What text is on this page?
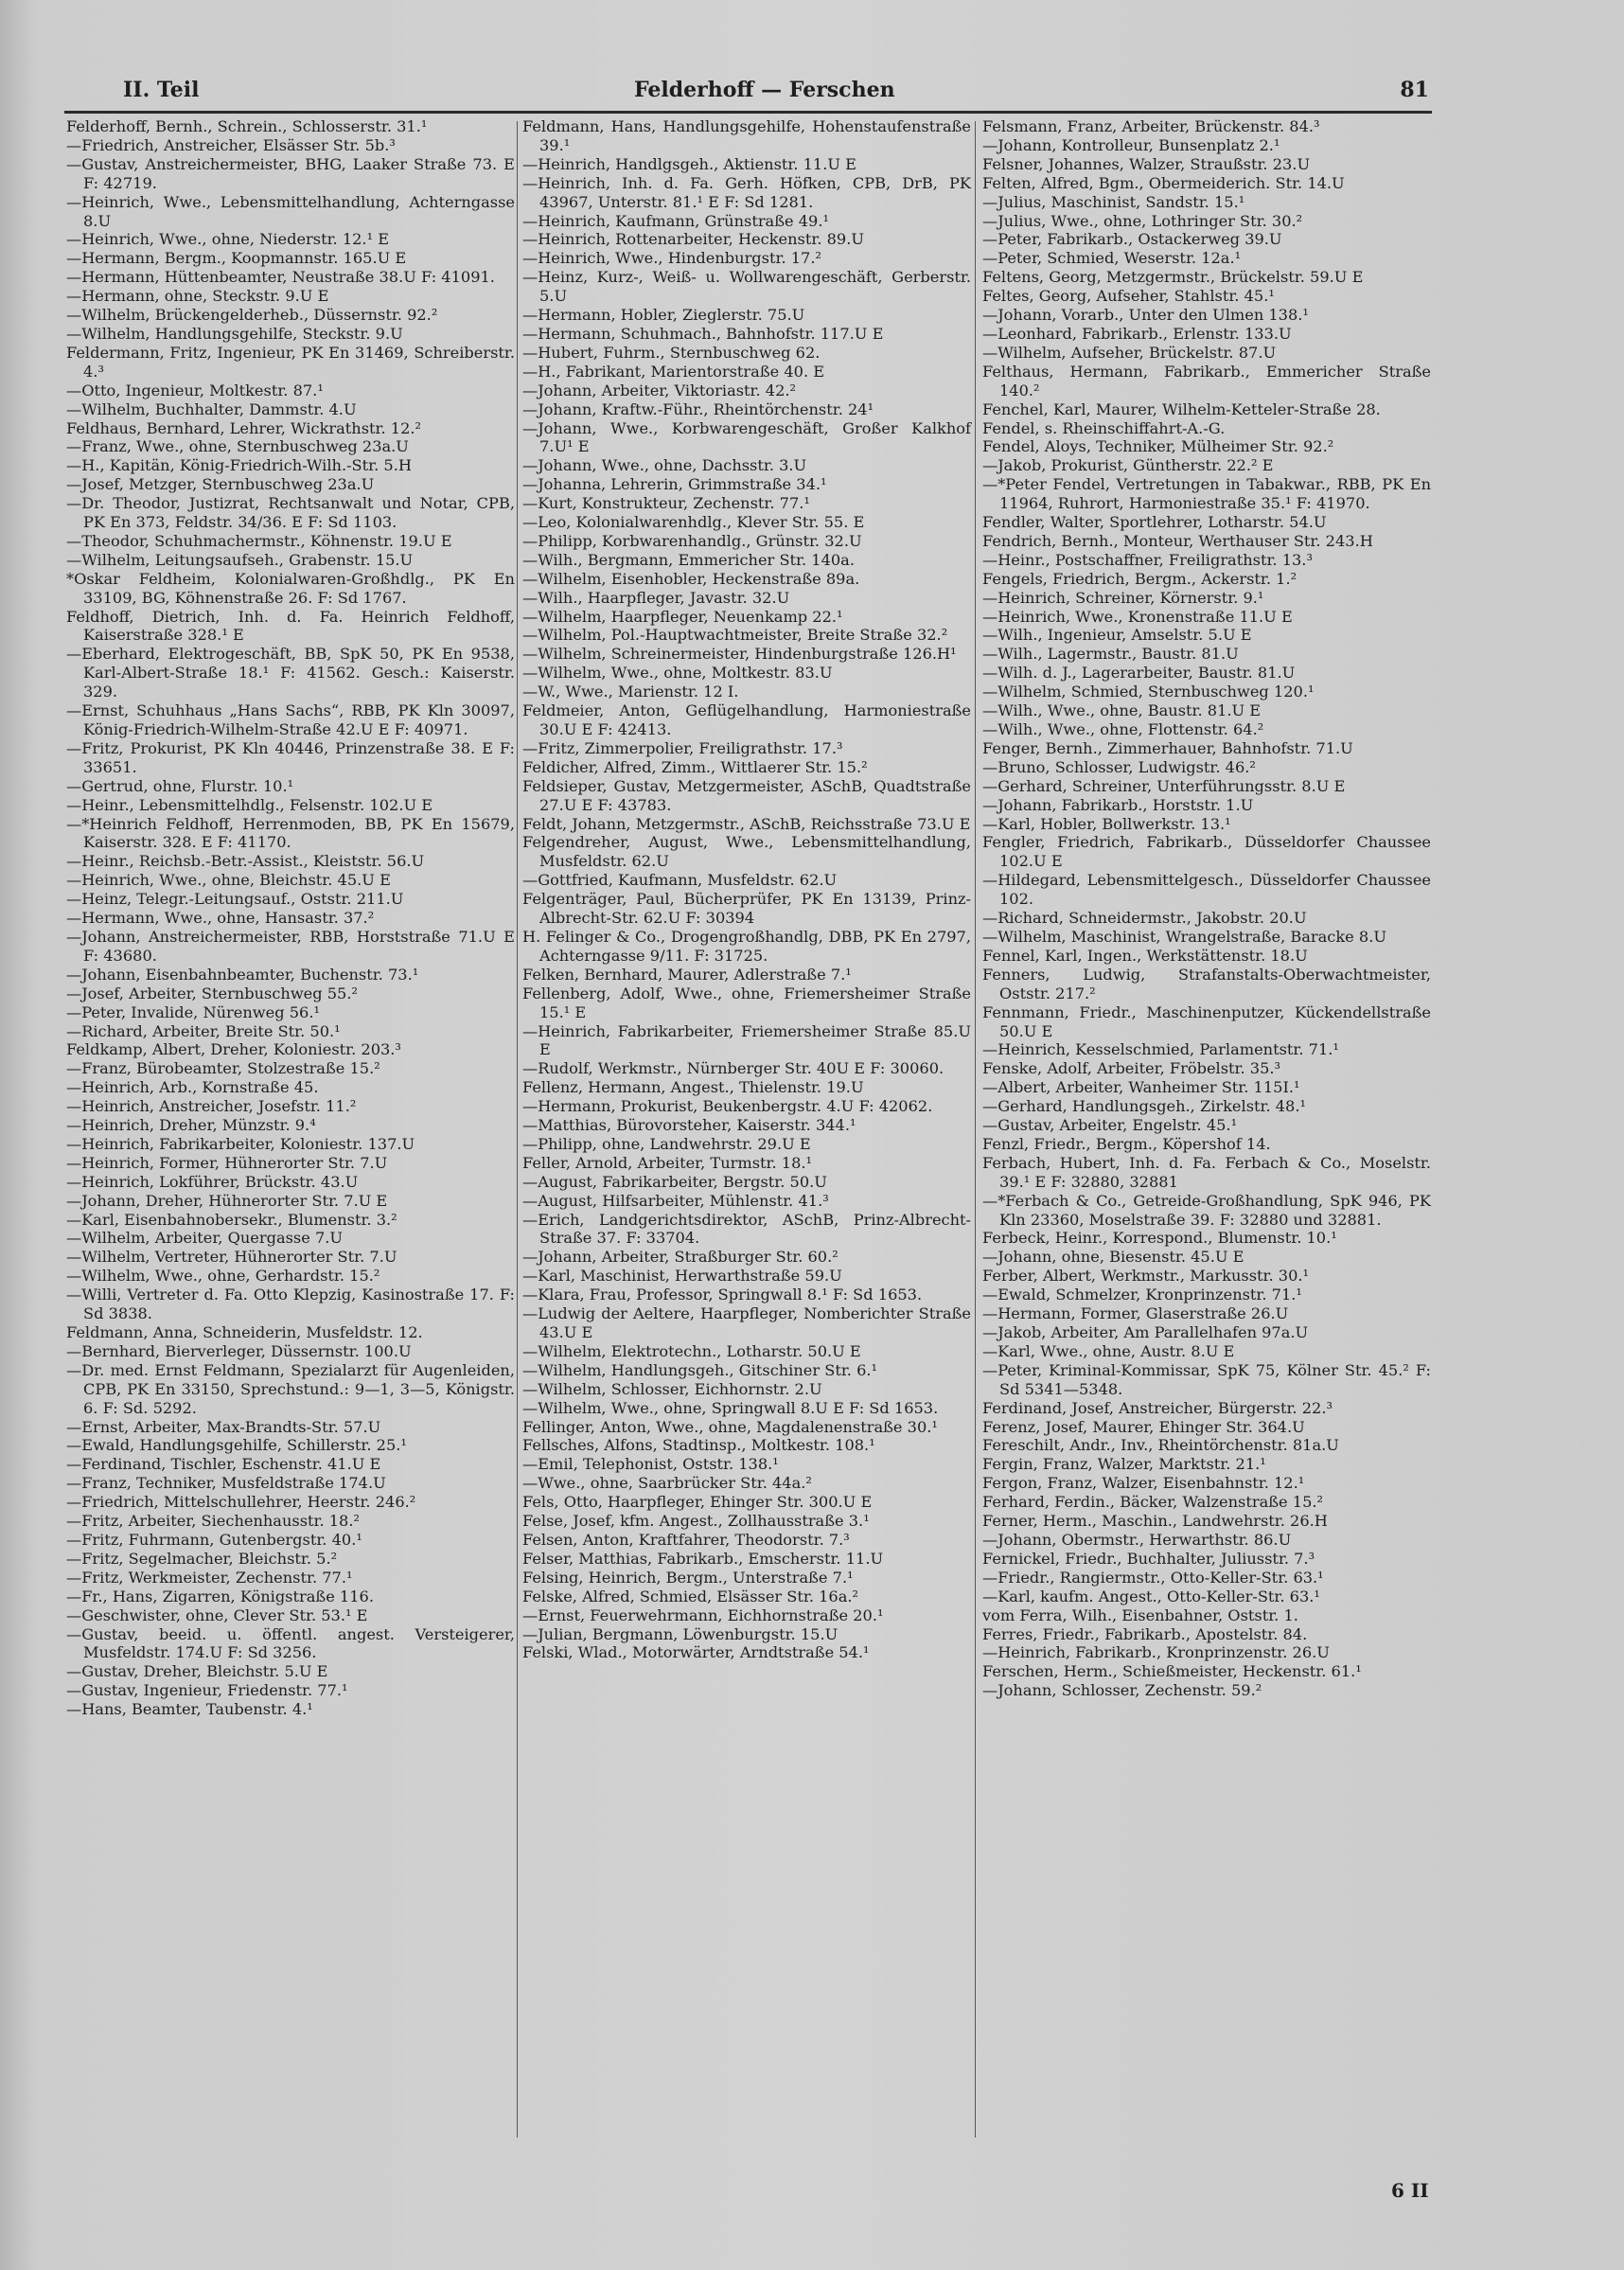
II. Teil	Felderhoff — Ferschen	81

Felderhoff, Bernh., Schrein., Schlosserstr. 31.¹

—Friedrich, Anstreicher, Elsässer Str. 5b.³

—Gustav, Anstreichermeister, BHG, Laaker Straße 73. E F: 42719.

—Heinrich, Wwe., Lebensmittelhandlung, Achterngasse 8.U

—Heinrich, Wwe., ohne, Niederstr. 12.¹ E

—Hermann, Bergm., Koopmannstr. 165.U E

—Hermann, Hüttenbeamter, Neustraße 38.U F: 41091.

—Hermann, ohne, Steckstr. 9.U E

—Wilhelm, Brückengelderheb., Düssernstr. 92.²

—Wilhelm, Handlungsgehilfe, Steckstr. 9.U

Feldermann, Fritz, Ingenieur, PK En 31469, Schreiberstr. 4.³

—Otto, Ingenieur, Moltkestr. 87.¹

—Wilhelm, Buchhalter, Dammstr. 4.U

Feldhaus, Bernhard, Lehrer, Wickrathstr. 12.²

—Franz, Wwe., ohne, Sternbuschweg 23a.U

—H., Kapitän, König-Friedrich-Wilh.-Str. 5.H

—Josef, Metzger, Sternbuschweg 23a.U

—Dr. Theodor, Justizrat, Rechtsanwalt und Notar, CPB, PK En 373, Feldstr. 34/36. E F: Sd 1103.

—Theodor, Schuhmachermstr., Köhnenstr. 19.U E

—Wilhelm, Leitungsaufseh., Grabenstr. 15.U

*Oskar Feldheim, Kolonialwaren-Großhdlg., PK En 33109, BG, Köhnenstraße 26. F: Sd 1767.

Feldhoff, Dietrich, Inh. d. Fa. Heinrich Feldhoff, Kaiserstraße 328.¹ E

—Eberhard, Elektrogeschäft, BB, SpK 50, PK En 9538, Karl-Albert-Straße 18.¹ F: 41562. Gesch.: Kaiserstr. 329.

—Ernst, Schuhhaus „Hans Sachs“, RBB, PK Kln 30097, König-Friedrich-Wilhelm-Straße 42.U E F: 40971.

—Fritz, Prokurist, PK Kln 40446, Prinzenstraße 38. E F: 33651.

—Gertrud, ohne, Flurstr. 10.¹

—Heinr., Lebensmittelhdlg., Felsenstr. 102.U E

—*Heinrich Feldhoff, Herrenmoden, BB, PK En 15679, Kaiserstr. 328. E F: 41170.

—Heinr., Reichsb.-Betr.-Assist., Kleiststr. 56.U

—Heinrich, Wwe., ohne, Bleichstr. 45.U E

—Heinz, Telegr.-Leitungsauf., Oststr. 211.U

—Hermann, Wwe., ohne, Hansastr. 37.²

—Johann, Anstreichermeister, RBB, Horststraße 71.U E F: 43680.

—Johann, Eisenbahnbeamter, Buchenstr. 73.¹

—Josef, Arbeiter, Sternbuschweg 55.²

—Peter, Invalide, Nürenweg 56.¹

—Richard, Arbeiter, Breite Str. 50.¹

Feldkamp, Albert, Dreher, Koloniestr. 203.³

—Franz, Bürobeamter, Stolzestraße 15.²

—Heinrich, Arb., Kornstraße 45.

—Heinrich, Anstreicher, Josefstr. 11.²

—Heinrich, Dreher, Münzstr. 9.⁴

—Heinrich, Fabrikarbeiter, Koloniestr. 137.U

—Heinrich, Former, Hühnerorter Str. 7.U

—Heinrich, Lokführer, Brückstr. 43.U

—Johann, Dreher, Hühnerorter Str. 7.U E

—Karl, Eisenbahnobersekr., Blumenstr. 3.²

—Wilhelm, Arbeiter, Quergasse 7.U

—Wilhelm, Vertreter, Hühnerorter Str. 7.U

—Wilhelm, Wwe., ohne, Gerhardstr. 15.²

—Willi, Vertreter d. Fa. Otto Klepzig, Kasinostraße 17. F: Sd 3838.

Feldmann, Anna, Schneiderin, Musfeldstr. 12.

—Bernhard, Bierverleger, Düssernstr. 100.U

—Dr. med. Ernst Feldmann, Spezialarzt für Augenleiden, CPB, PK En 33150, Sprechstund.: 9—1, 3—5, Königstr. 6. F: Sd. 5292.

—Ernst, Arbeiter, Max-Brandts-Str. 57.U

—Ewald, Handlungsgehilfe, Schillerstr. 25.¹

—Ferdinand, Tischler, Eschenstr. 41.U E

—Franz, Techniker, Musfeldstraße 174.U

—Friedrich, Mittelschullehrer, Heerstr. 246.²

—Fritz, Arbeiter, Siechenhausstr. 18.²

—Fritz, Fuhrmann, Gutenbergstr. 40.¹

—Fritz, Segelmacher, Bleichstr. 5.²

—Fritz, Werkmeister, Zechenstr. 77.¹

—Fr., Hans, Zigarren, Königstraße 116.

—Geschwister, ohne, Clever Str. 53.¹ E

—Gustav, beeid. u. öffentl. angest. Versteigerer, Musfeldstr. 174.U F: Sd 3256.

—Gustav, Dreher, Bleichstr. 5.U E

—Gustav, Ingenieur, Friedenstr. 77.¹

—Hans, Beamter, Taubenstr. 4.¹

Feldmann, Hans, Handlungsgehilfe, Hohenstaufenstraße 39.¹

—Heinrich, Handlgsgeh., Aktienstr. 11.U E

—Heinrich, Inh. d. Fa. Gerh. Höfken, CPB, DrB, PK 43967, Unterstr. 81.¹ E F: Sd 1281.

—Heinrich, Kaufmann, Grünstraße 49.¹

—Heinrich, Rottenarbeiter, Heckenstr. 89.U

—Heinrich, Wwe., Hindenburgstr. 17.²

—Heinz, Kurz-, Weiß- u. Wollwarengeschäft, Gerberstr. 5.U

—Hermann, Hobler, Zieglerstr. 75.U

—Hermann, Schuhmach., Bahnhofstr. 117.U E

—Hubert, Fuhrm., Sternbuschweg 62.

—H., Fabrikant, Marientorstraße 40. E

—Johann, Arbeiter, Viktoriastr. 42.²

—Johann, Kraftw.-Führ., Rheintörchenstr. 24¹

—Johann, Wwe., Korbwarengeschäft, Großer Kalkhof 7.U¹ E

—Johann, Wwe., ohne, Dachsstr. 3.U

—Johanna, Lehrerin, Grimmstraße 34.¹

—Kurt, Konstrukteur, Zechenstr. 77.¹

—Leo, Kolonialwarenhdlg., Klever Str. 55. E

—Philipp, Korbwarenhandlg., Grünstr. 32.U

—Wilh., Bergmann, Emmericher Str. 140a.

—Wilhelm, Eisenhobler, Heckenstraße 89a.

—Wilh., Haarpfleger, Javastr. 32.U

—Wilhelm, Haarpfleger, Neuenkamp 22.¹

—Wilhelm, Pol.-Hauptwachtmeister, Breite Straße 32.²

—Wilhelm, Schreinermeister, Hindenburgstraße 126.H¹

—Wilhelm, Wwe., ohne, Moltkestr. 83.U

—W., Wwe., Marienstr. 12 I.

Feldmeier, Anton, Geflügelhandlung, Harmoniestraße 30.U E F: 42413.

—Fritz, Zimmerpolier, Freiligrathstr. 17.³

Feldicher, Alfred, Zimm., Wittlaerer Str. 15.²

Feldsieper, Gustav, Metzgermeister, ASchB, Quadtstraße 27.U E F: 43783.

Feldt, Johann, Metzgermstr., ASchB, Reichsstraße 73.U E

Felgendreher, August, Wwe., Lebensmittelhandlung, Musfeldstr. 62.U

—Gottfried, Kaufmann, Musfeldstr. 62.U

Felgenträger, Paul, Bücherprüfer, PK En 13139, Prinz-Albrecht-Str. 62.U F: 30394

H. Felinger & Co., Drogengroßhandlg, DBB, PK En 2797, Achterngasse 9/11. F: 31725.

Felken, Bernhard, Maurer, Adlerstraße 7.¹

Fellenberg, Adolf, Wwe., ohne, Friemersheimer Straße 15.¹ E

—Heinrich, Fabrikarbeiter, Friemersheimer Straße 85.U E

—Rudolf, Werkmstr., Nürnberger Str. 40U E F: 30060.

Fellenz, Hermann, Angest., Thielenstr. 19.U

—Hermann, Prokurist, Beukenbergstr. 4.U F: 42062.

—Matthias, Bürovorsteher, Kaiserstr. 344.¹

—Philipp, ohne, Landwehrstr. 29.U E

Feller, Arnold, Arbeiter, Turmstr. 18.¹

—August, Fabrikarbeiter, Bergstr. 50.U

—August, Hilfsarbeiter, Mühlenstr. 41.³

—Erich, Landgerichtsdirektor, ASchB, Prinz-Albrecht-Straße 37. F: 33704.

—Johann, Arbeiter, Straßburger Str. 60.²

—Karl, Maschinist, Herwarthstraße 59.U

—Klara, Frau, Professor, Springwall 8.¹ F: Sd 1653.

—Ludwig der Aeltere, Haarpfleger, Nomberichter Straße 43.U E

—Wilhelm, Elektrotechn., Lotharstr. 50.U E

—Wilhelm, Handlungsgeh., Gitschiner Str. 6.¹

—Wilhelm, Schlosser, Eichhornstr. 2.U

—Wilhelm, Wwe., ohne, Springwall 8.U E F: Sd 1653.

Fellinger, Anton, Wwe., ohne, Magdalenenstraße 30.¹

Fellsches, Alfons, Stadtinsp., Moltkestr. 108.¹

—Emil, Telephonist, Oststr. 138.¹

—Wwe., ohne, Saarbrücker Str. 44a.²

Fels, Otto, Haarpfleger, Ehinger Str. 300.U E

Felse, Josef, kfm. Angest., Zollhausstraße 3.¹

Felsen, Anton, Kraftfahrer, Theodorstr. 7.³

Felser, Matthias, Fabrikarb., Emscherstr. 11.U

Felsing, Heinrich, Bergm., Unterstraße 7.¹

Felske, Alfred, Schmied, Elsässer Str. 16a.²

—Ernst, Feuerwehrmann, Eichhornstraße 20.¹

—Julian, Bergmann, Löwenburgstr. 15.U

Felski, Wlad., Motorwärter, Arndtstraße 54.¹

Felsmann, Franz, Arbeiter, Brückenstr. 84.³

—Johann, Kontrolleur, Bunsenplatz 2.¹

Felsner, Johannes, Walzer, Straußstr. 23.U

Felten, Alfred, Bgm., Obermeiderich. Str. 14.U

—Julius, Maschinist, Sandstr. 15.¹

—Julius, Wwe., ohne, Lothringer Str. 30.²

—Peter, Fabrikarb., Ostackerweg 39.U

—Peter, Schmied, Weserstr. 12a.¹

Feltens, Georg, Metzgermstr., Brückelstr. 59.U E

Feltes, Georg, Aufseher, Stahlstr. 45.¹

—Johann, Vorarb., Unter den Ulmen 138.¹

—Leonhard, Fabrikarb., Erlenstr. 133.U

—Wilhelm, Aufseher, Brückelstr. 87.U

Felthaus, Hermann, Fabrikarb., Emmericher Straße 140.²

Fenchel, Karl, Maurer, Wilhelm-Ketteler-Straße 28.

Fendel, s. Rheinschiffahrt-A.-G.

Fendel, Aloys, Techniker, Mülheimer Str. 92.²

—Jakob, Prokurist, Güntherstr. 22.² E

—*Peter Fendel, Vertretungen in Tabakwar., RBB, PK En 11964, Ruhrort, Harmoniestraße 35.¹ F: 41970.

Fendler, Walter, Sportlehrer, Lotharstr. 54.U

Fendrich, Bernh., Monteur, Werthauser Str. 243.H

—Heinr., Postschaffner, Freiligrathstr. 13.³

Fengels, Friedrich, Bergm., Ackerstr. 1.²

—Heinrich, Schreiner, Körnerstr. 9.¹

—Heinrich, Wwe., Kronenstraße 11.U E

—Wilh., Ingenieur, Amselstr. 5.U E

—Wilh., Lagermstr., Baustr. 81.U

—Wilh. d. J., Lagerarbeiter, Baustr. 81.U

—Wilhelm, Schmied, Sternbuschweg 120.¹

—Wilh., Wwe., ohne, Baustr. 81.U E

—Wilh., Wwe., ohne, Flottenstr. 64.²

Fenger, Bernh., Zimmerhauer, Bahnhofstr. 71.U

—Bruno, Schlosser, Ludwigstr. 46.²

—Gerhard, Schreiner, Unterführungsstr. 8.U E

—Johann, Fabrikarb., Horststr. 1.U

—Karl, Hobler, Bollwerkstr. 13.¹

Fengler, Friedrich, Fabrikarb., Düsseldorfer Chaussee 102.U E

—Hildegard, Lebensmittelgesch., Düsseldorfer Chaussee 102.

—Richard, Schneidermstr., Jakobstr. 20.U

—Wilhelm, Maschinist, Wrangelstraße, Baracke 8.U

Fennel, Karl, Ingen., Werkstättenstr. 18.U

Fenners, Ludwig, Strafanstalts-Oberwachtmeister, Oststr. 217.²

Fennmann, Friedr., Maschinenputzer, Kückendellstraße 50.U E

—Heinrich, Kesselschmied, Parlamentstr. 71.¹

Fenske, Adolf, Arbeiter, Fröbelstr. 35.³

—Albert, Arbeiter, Wanheimer Str. 115I.¹

—Gerhard, Handlungsgeh., Zirkelstr. 48.¹

—Gustav, Arbeiter, Engelstr. 45.¹

Fenzl, Friedr., Bergm., Köpershof 14.

Ferbach, Hubert, Inh. d. Fa. Ferbach & Co., Moselstr. 39.¹ E F: 32880, 32881

—*Ferbach & Co., Getreide-Großhandlung, SpK 946, PK Kln 23360, Moselstraße 39. F: 32880 und 32881.

Ferbeck, Heinr., Korrespond., Blumenstr. 10.¹

—Johann, ohne, Biesenstr. 45.U E

Ferber, Albert, Werkmstr., Markusstr. 30.¹

—Ewald, Schmelzer, Kronprinzenstr. 71.¹

—Hermann, Former, Glaserstraße 26.U

—Jakob, Arbeiter, Am Parallelhafen 97a.U

—Karl, Wwe., ohne, Austr. 8.U E

—Peter, Kriminal-Kommissar, SpK 75, Kölner Str. 45.² F: Sd 5341—5348.

Ferdinand, Josef, Anstreicher, Bürgerstr. 22.³

Ferenz, Josef, Maurer, Ehinger Str. 364.U

Fereschilt, Andr., Inv., Rheintörchenstr. 81a.U

Fergin, Franz, Walzer, Marktstr. 21.¹

Fergon, Franz, Walzer, Eisenbahnstr. 12.¹

Ferhard, Ferdin., Bäcker, Walzenstraße 15.²

Ferner, Herm., Maschin., Landwehrstr. 26.H

—Johann, Obermstr., Herwarthstr. 86.U

Fernickel, Friedr., Buchhalter, Juliusstr. 7.³

—Friedr., Rangiermstr., Otto-Keller-Str. 63.¹

—Karl, kaufm. Angest., Otto-Keller-Str. 63.¹

vom Ferra, Wilh., Eisenbahner, Oststr. 1.

Ferres, Friedr., Fabrikarb., Apostelstr. 84.

—Heinrich, Fabrikarb., Kronprinzenstr. 26.U

Ferschen, Herm., Schießmeister, Heckenstr. 61.¹

—Johann, Schlosser, Zechenstr. 59.²

6 II
